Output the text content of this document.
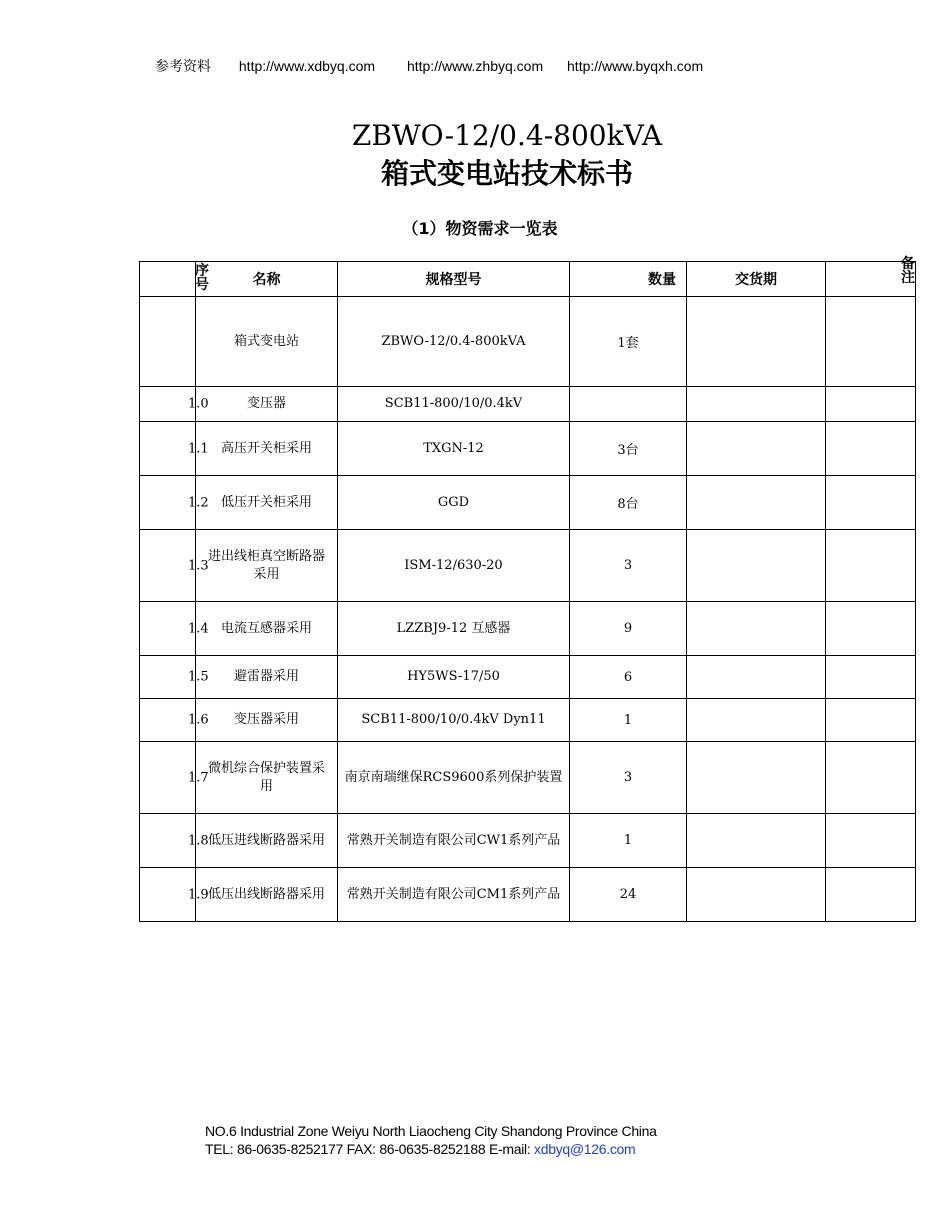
参考资料 http://www.xdbyq.com http://www.zhbyq.com http://www.byqxh.com
ZBWO-12/0.4-800kVA
箱式变电站技术标书
（1）物资需求一览表
序号	名称	规格型号	数量	交货期	备注

	箱式变电站	ZBWO-12/0.4-800kVA	1套		

1.0	变压器	SCB11-800/10/0.4kV			

1.1	高压开关柜采用	TXGN-12	3台		

1.2	低压开关柜采用	GGD	8台		

1.3	进出线柜真空断路器采用	ISM-12/630-20	3		

1.4	电流互感器采用	LZZBJ9-12 互感器	9		

1.5	避雷器采用	HY5WS-17/50	6		

1.6	变压器采用	SCB11-800/10/0.4kV Dyn11	1		

1.7	微机综合保护装置采用	南京南瑞继保RCS9600系列保护装置	3		

1.8	低压进线断路器采用	常熟开关制造有限公司CW1系列产品	1		

1.9	低压出线断路器采用	常熟开关制造有限公司CM1系列产品	24		
NO.6 Industrial Zone Weiyu North Liaocheng City Shandong Province China
TEL: 86-0635-8252177 FAX: 86-0635-8252188 E-mail: xdbyq@126.com
